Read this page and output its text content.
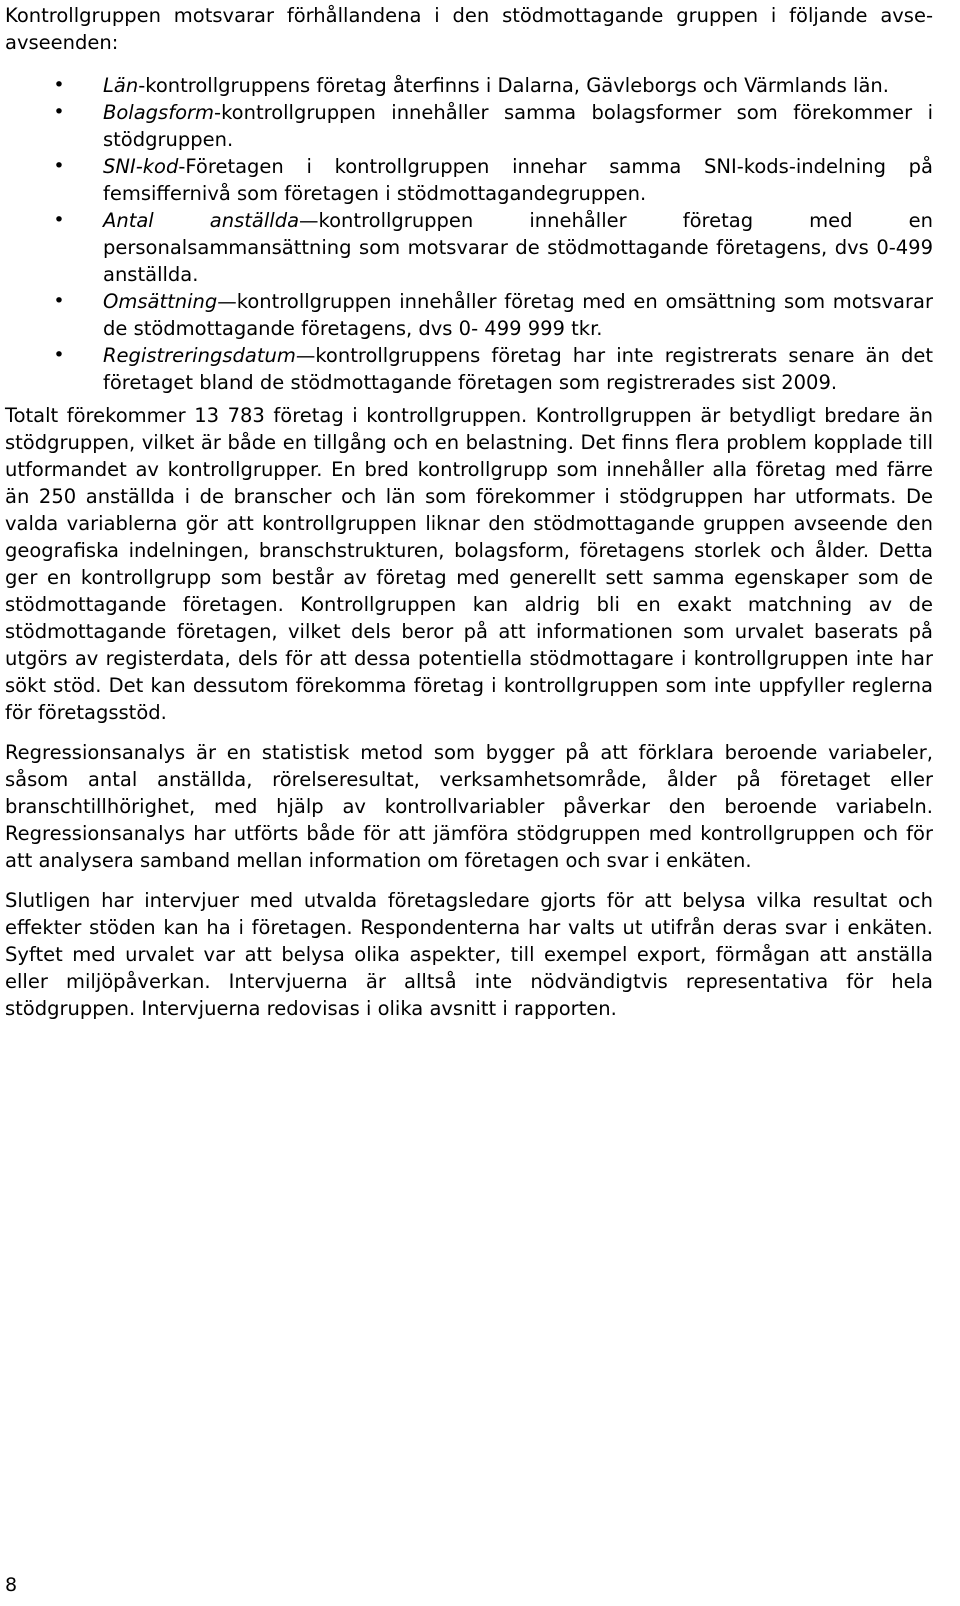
Kontrollgruppen motsvarar förhållandena i den stödmottagande gruppen i följande avse-avseenden:

• Län-kontrollgruppens företag återfinns i Dalarna, Gävleborgs och Värmlands län.
• Bolagsform-kontrollgruppen innehåller samma bolagsformer som förekommer i stödgruppen.
• SNI-kod-Företagen i kontrollgruppen innehar samma SNI-kods-indelning på femsiffernivå som företagen i stödmottagandegruppen.
• Antal anställda—kontrollgruppen innehåller företag med en personalsammansättning som motsvarar de stödmottagande företagens, dvs 0-499 anställda.
• Omsättning—kontrollgruppen innehåller företag med en omsättning som motsvarar de stödmottagande företagens, dvs 0- 499 999 tkr.
• Registreringsdatum—kontrollgruppens företag har inte registrerats senare än det företaget bland de stödmottagande företagen som registrerades sist 2009.

Totalt förekommer 13 783 företag i kontrollgruppen. Kontrollgruppen är betydligt bredare än stödgruppen, vilket är både en tillgång och en belastning. Det finns flera problem kopplade till utformandet av kontrollgrupper. En bred kontrollgrupp som innehåller alla företag med färre än 250 anställda i de branscher och län som förekommer i stödgruppen har utformats. De valda variablerna gör att kontrollgruppen liknar den stödmottagande gruppen avseende den geografiska indelningen, branschstrukturen, bolagsform, företagens storlek och ålder. Detta ger en kontrollgrupp som består av företag med generellt sett samma egenskaper som de stödmottagande företagen. Kontrollgruppen kan aldrig bli en exakt matchning av de stödmottagande företagen, vilket dels beror på att informationen som urvalet baserats på utgörs av registerdata, dels för att dessa potentiella stödmottagare i kontrollgruppen inte har sökt stöd. Det kan dessutom förekomma företag i kontrollgruppen som inte uppfyller reglerna för företagsstöd.

Regressionsanalys är en statistisk metod som bygger på att förklara beroende variabeler, såsom antal anställda, rörelseresultat, verksamhetsområde, ålder på företaget eller branschtillhörighet, med hjälp av kontrollvariabler påverkar den beroende variabeln. Regressionsanalys har utförts både för att jämföra stödgruppen med kontrollgruppen och för att analysera samband mellan information om företagen och svar i enkäten.

Slutligen har intervjuer med utvalda företagsledare gjorts för att belysa vilka resultat och effekter stöden kan ha i företagen. Respondenterna har valts ut utifrån deras svar i enkäten. Syftet med urvalet var att belysa olika aspekter, till exempel export, förmågan att anställa eller miljöpåverkan. Intervjuerna är alltså inte nödvändigtvis representativa för hela stödgruppen. Intervjuerna redovisas i olika avsnitt i rapporten.

8
